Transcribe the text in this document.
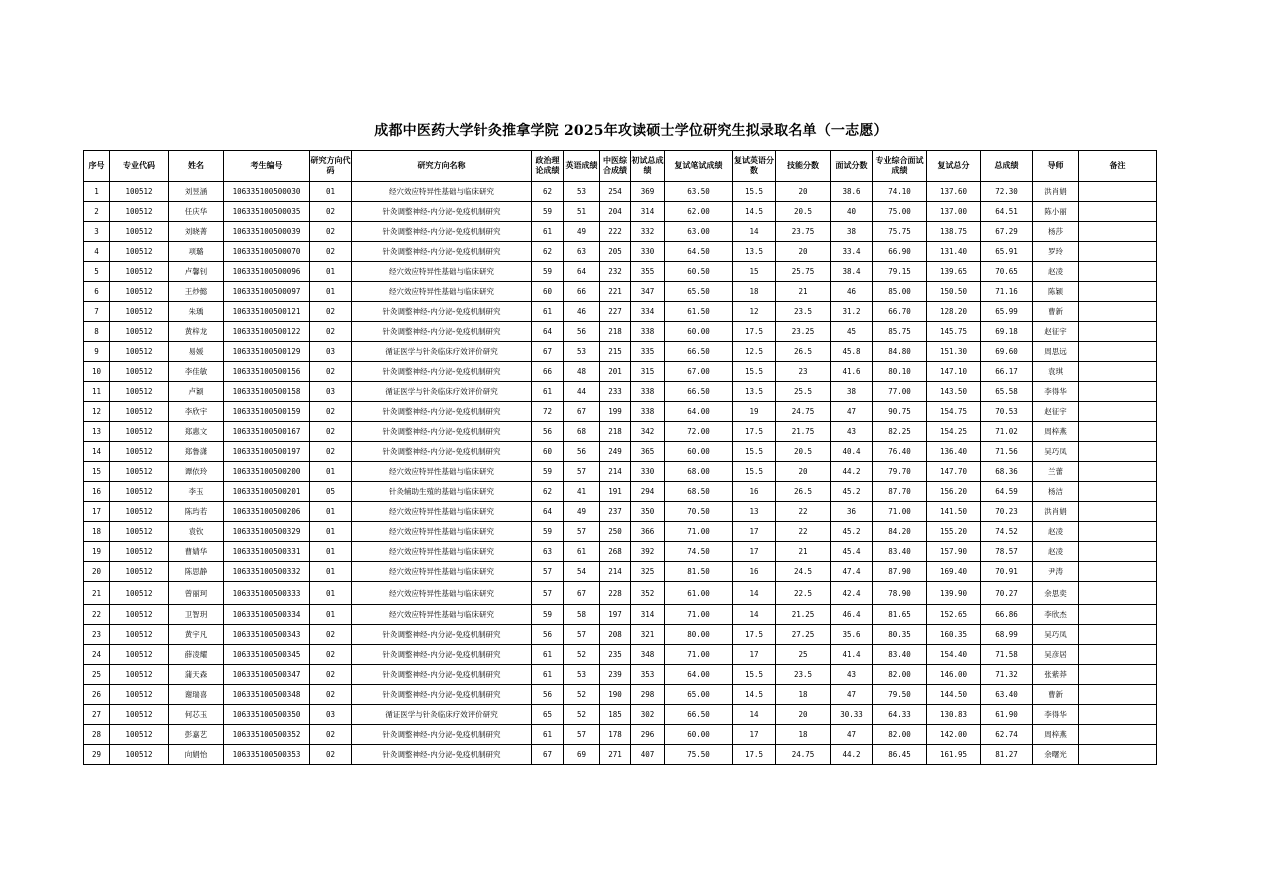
成都中医药大学针灸推拿学院 2025年攻读硕士学位研究生拟录取名单（一志愿）
序号	专业代码	姓名	考生编号	研究方向代码	研究方向名称	政治理论成绩	英语成绩	中医综合成绩	初试总成绩	复试笔试成绩	复试英语分数	技能分数	面试分数	专业综合面试成绩	复试总分	总成绩	导师	备注
1	100512	刘昱涵	106335100500030	01	经穴效应特异性基础与临床研究	62	53	254	369	63.50	15.5	20	38.6	74.10	137.60	72.30	洪肖娟	
2	100512	任庆华	106335100500035	02	针灸调整神经-内分泌-免疫机制研究	59	51	204	314	62.00	14.5	20.5	40	75.00	137.00	64.51	陈小丽	
3	100512	刘晓菁	106335100500039	02	针灸调整神经-内分泌-免疫机制研究	61	49	222	332	63.00	14	23.75	38	75.75	138.75	67.29	杨莎	
4	100512	项璐	106335100500070	02	针灸调整神经-内分泌-免疫机制研究	62	63	205	330	64.50	13.5	20	33.4	66.90	131.40	65.91	罗玲	
5	100512	卢馨钊	106335100500096	01	经穴效应特异性基础与临床研究	59	64	232	355	60.50	15	25.75	38.4	79.15	139.65	70.65	赵凌	
6	100512	王炒懿	106335100500097	01	经穴效应特异性基础与临床研究	60	66	221	347	65.50	18	21	46	85.00	150.50	71.16	陈颖	
7	100512	朱瑀	106335100500121	02	针灸调整神经-内分泌-免疫机制研究	61	46	227	334	61.50	12	23.5	31.2	66.70	128.20	65.99	曹新	
8	100512	黄梓龙	106335100500122	02	针灸调整神经-内分泌-免疫机制研究	64	56	218	338	60.00	17.5	23.25	45	85.75	145.75	69.18	赵征宇	
9	100512	易媛	106335100500129	03	循证医学与针灸临床疗效评价研究	67	53	215	335	66.50	12.5	26.5	45.8	84.80	151.30	69.60	周思远	
10	100512	李佳敏	106335100500156	02	针灸调整神经-内分泌-免疫机制研究	66	48	201	315	67.00	15.5	23	41.6	80.10	147.10	66.17	袁琪	
11	100512	卢颖	106335100500158	03	循证医学与针灸临床疗效评价研究	61	44	233	338	66.50	13.5	25.5	38	77.00	143.50	65.58	李得华	
12	100512	李欣宇	106335100500159	02	针灸调整神经-内分泌-免疫机制研究	72	67	199	338	64.00	19	24.75	47	90.75	154.75	70.53	赵征宇	
13	100512	郑惠文	106335100500167	02	针灸调整神经-内分泌-免疫机制研究	56	68	218	342	72.00	17.5	21.75	43	82.25	154.25	71.02	周梓燕	
14	100512	郑鲁潇	106335100500197	02	针灸调整神经-内分泌-免疫机制研究	60	56	249	365	60.00	15.5	20.5	40.4	76.40	136.40	71.56	吴巧凤	
15	100512	谭依玲	106335100500200	01	经穴效应特异性基础与临床研究	59	57	214	330	68.00	15.5	20	44.2	79.70	147.70	68.36	兰蕾	
16	100512	李玉	106335100500201	05	针灸辅助生殖的基础与临床研究	62	41	191	294	68.50	16	26.5	45.2	87.70	156.20	64.59	杨洁	
17	100512	陈玙若	106335100500206	01	经穴效应特异性基础与临床研究	64	49	237	350	70.50	13	22	36	71.00	141.50	70.23	洪肖娟	
18	100512	袁钦	106335100500329	01	经穴效应特异性基础与临床研究	59	57	250	366	71.00	17	22	45.2	84.20	155.20	74.52	赵凌	
19	100512	曹婧华	106335100500331	01	经穴效应特异性基础与临床研究	63	61	268	392	74.50	17	21	45.4	83.40	157.90	78.57	赵凌	
20	100512	陈思静	106335100500332	01	经穴效应特异性基础与临床研究	57	54	214	325	81.50	16	24.5	47.4	87.90	169.40	70.91	尹涛	
21	100512	曾丽珂	106335100500333	01	经穴效应特异性基础与临床研究	57	67	228	352	61.00	14	22.5	42.4	78.90	139.90	70.27	余思奕	
22	100512	卫智玥	106335100500334	01	经穴效应特异性基础与临床研究	59	58	197	314	71.00	14	21.25	46.4	81.65	152.65	66.86	李欣杰	
23	100512	黄宇凡	106335100500343	02	针灸调整神经-内分泌-免疫机制研究	56	57	208	321	80.00	17.5	27.25	35.6	80.35	160.35	68.99	吴巧凤	
24	100512	薛凌耀	106335100500345	02	针灸调整神经-内分泌-免疫机制研究	61	52	235	348	71.00	17	25	41.4	83.40	154.40	71.58	吴彦居	
25	100512	蒲天森	106335100500347	02	针灸调整神经-内分泌-免疫机制研究	61	53	239	353	64.00	15.5	23.5	43	82.00	146.00	71.32	张紫莽	
26	100512	谢瑞喜	106335100500348	02	针灸调整神经-内分泌-免疫机制研究	56	52	190	298	65.00	14.5	18	47	79.50	144.50	63.40	曹新	
27	100512	何芯玉	106335100500350	03	循证医学与针灸临床疗效评价研究	65	52	185	302	66.50	14	20	30.33	64.33	130.83	61.90	李得华	
28	100512	彭嘉艺	106335100500352	02	针灸调整神经-内分泌-免疫机制研究	61	57	178	296	60.00	17	18	47	82.00	142.00	62.74	周梓燕	
29	100512	向娟怡	106335100500353	02	针灸调整神经-内分泌-免疫机制研究	67	69	271	407	75.50	17.5	24.75	44.2	86.45	161.95	81.27	余曙光	
